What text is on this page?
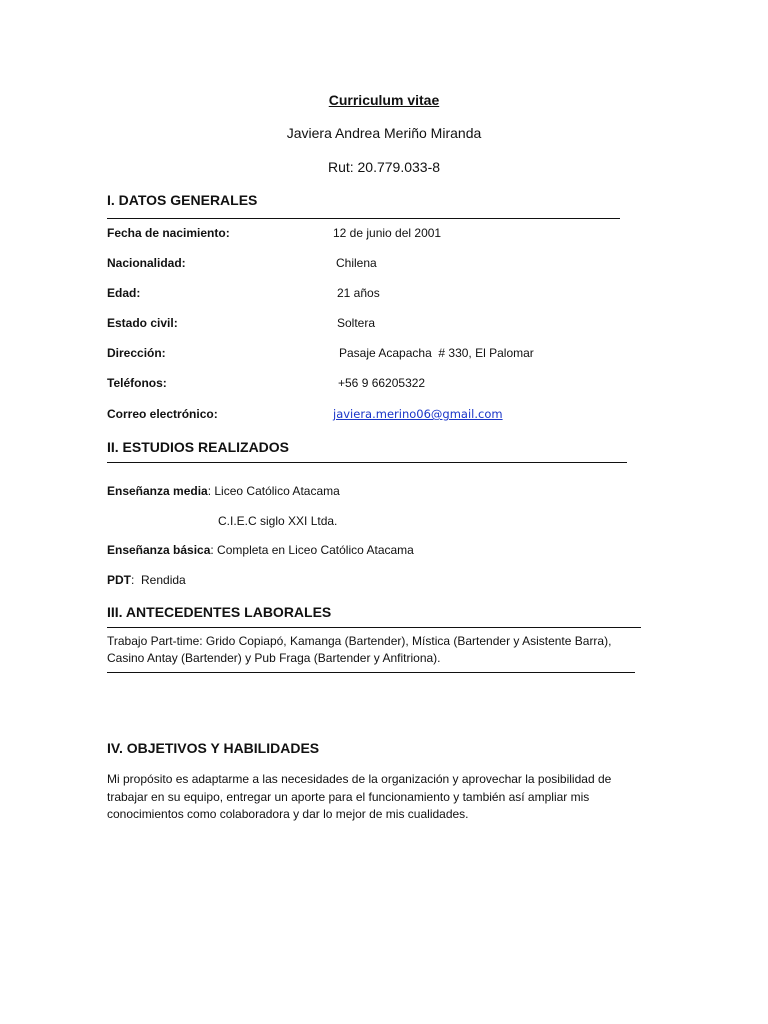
Curriculum vitae
Javiera Andrea Meriño Miranda
Rut: 20.779.033-8
I. DATOS GENERALES
Fecha de nacimiento:	12 de junio del 2001
Nacionalidad:	Chilena
Edad:	21 años
Estado civil:	Soltera
Dirección:	Pasaje Acapacha  # 330, El Palomar
Teléfonos:	+56 9 66205322
Correo electrónico:	javiera.merino06@gmail.com
II. ESTUDIOS REALIZADOS
Enseñanza media: Liceo Católico Atacama
C.I.E.C siglo XXI Ltda.
Enseñanza básica: Completa en Liceo Católico Atacama
PDT:  Rendida
III. ANTECEDENTES LABORALES
Trabajo Part-time: Grido Copiapó, Kamanga (Bartender), Mística (Bartender y Asistente Barra), Casino Antay (Bartender) y Pub Fraga (Bartender y Anfitriona).
IV. OBJETIVOS Y HABILIDADES
Mi propósito es adaptarme a las necesidades de la organización y aprovechar la posibilidad de trabajar en su equipo, entregar un aporte para el funcionamiento y también así ampliar mis conocimientos como colaboradora y dar lo mejor de mis cualidades.
